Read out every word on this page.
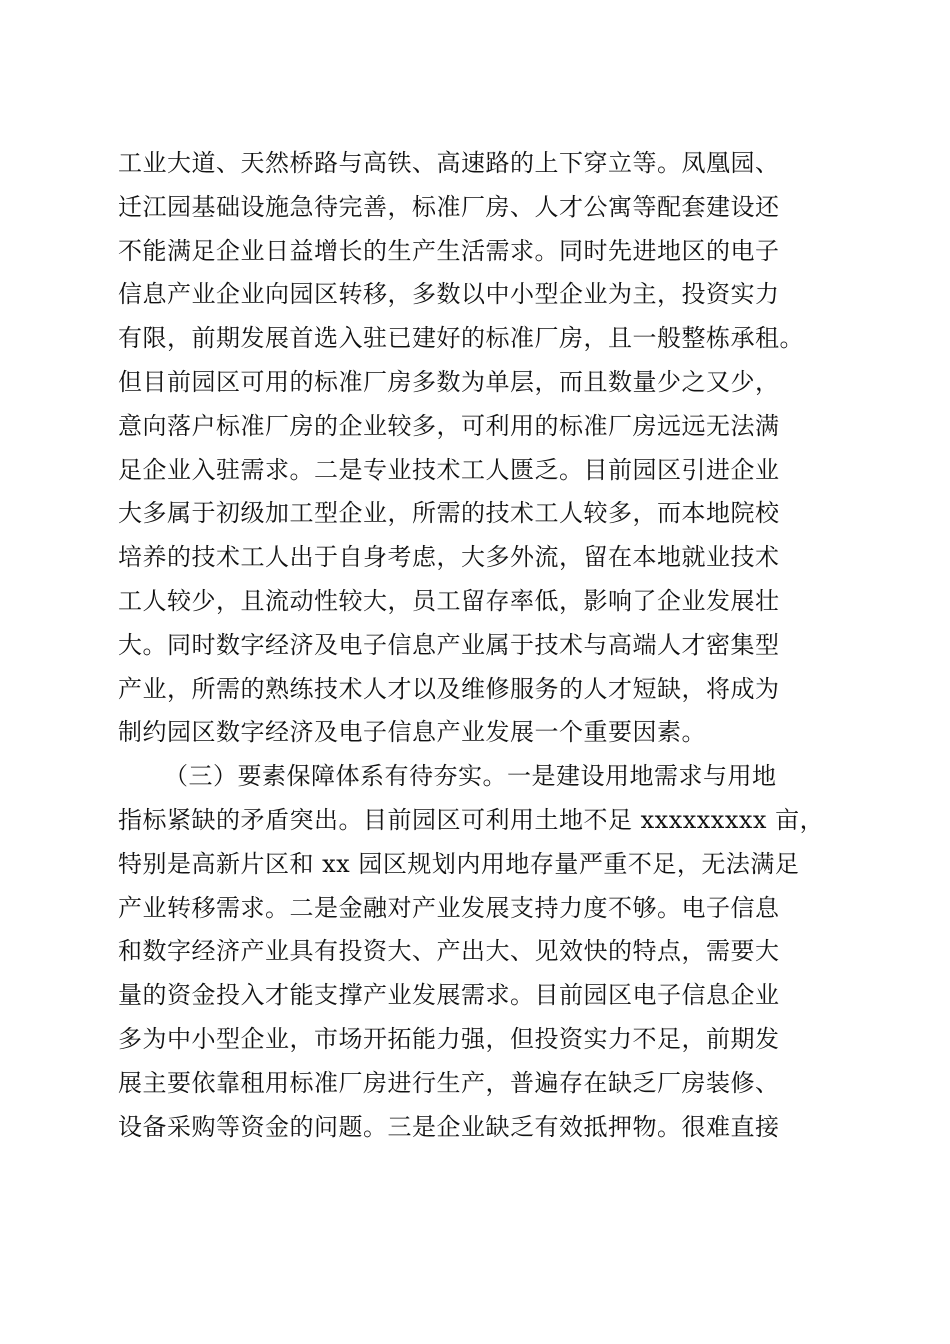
工业大道、天然桥路与高铁、高速路的上下穿立等。凤凰园、
迁江园基础设施急待完善，标准厂房、人才公寓等配套建设还
不能满足企业日益增长的生产生活需求。同时先进地区的电子
信息产业企业向园区转移，多数以中小型企业为主，投资实力
有限，前期发展首选入驻已建好的标准厂房，且一般整栋承租。
但目前园区可用的标准厂房多数为单层，而且数量少之又少，
意向落户标准厂房的企业较多，可利用的标准厂房远远无法满
足企业入驻需求。二是专业技术工人匮乏。目前园区引进企业
大多属于初级加工型企业，所需的技术工人较多，而本地院校
培养的技术工人出于自身考虑，大多外流，留在本地就业技术
工人较少，且流动性较大，员工留存率低，影响了企业发展壮
大。同时数字经济及电子信息产业属于技术与高端人才密集型
产业，所需的熟练技术人才以及维修服务的人才短缺，将成为
制约园区数字经济及电子信息产业发展一个重要因素。
（三）要素保障体系有待夯实。一是建设用地需求与用地
指标紧缺的矛盾突出。目前园区可利用土地不足 xxxxxxxxx 亩，
特别是高新片区和 xx 园区规划内用地存量严重不足，无法满足
产业转移需求。二是金融对产业发展支持力度不够。电子信息
和数字经济产业具有投资大、产出大、见效快的特点，需要大
量的资金投入才能支撑产业发展需求。目前园区电子信息企业
多为中小型企业，市场开拓能力强，但投资实力不足，前期发
展主要依靠租用标准厂房进行生产，普遍存在缺乏厂房装修、
设备采购等资金的问题。三是企业缺乏有效抵押物。很难直接
